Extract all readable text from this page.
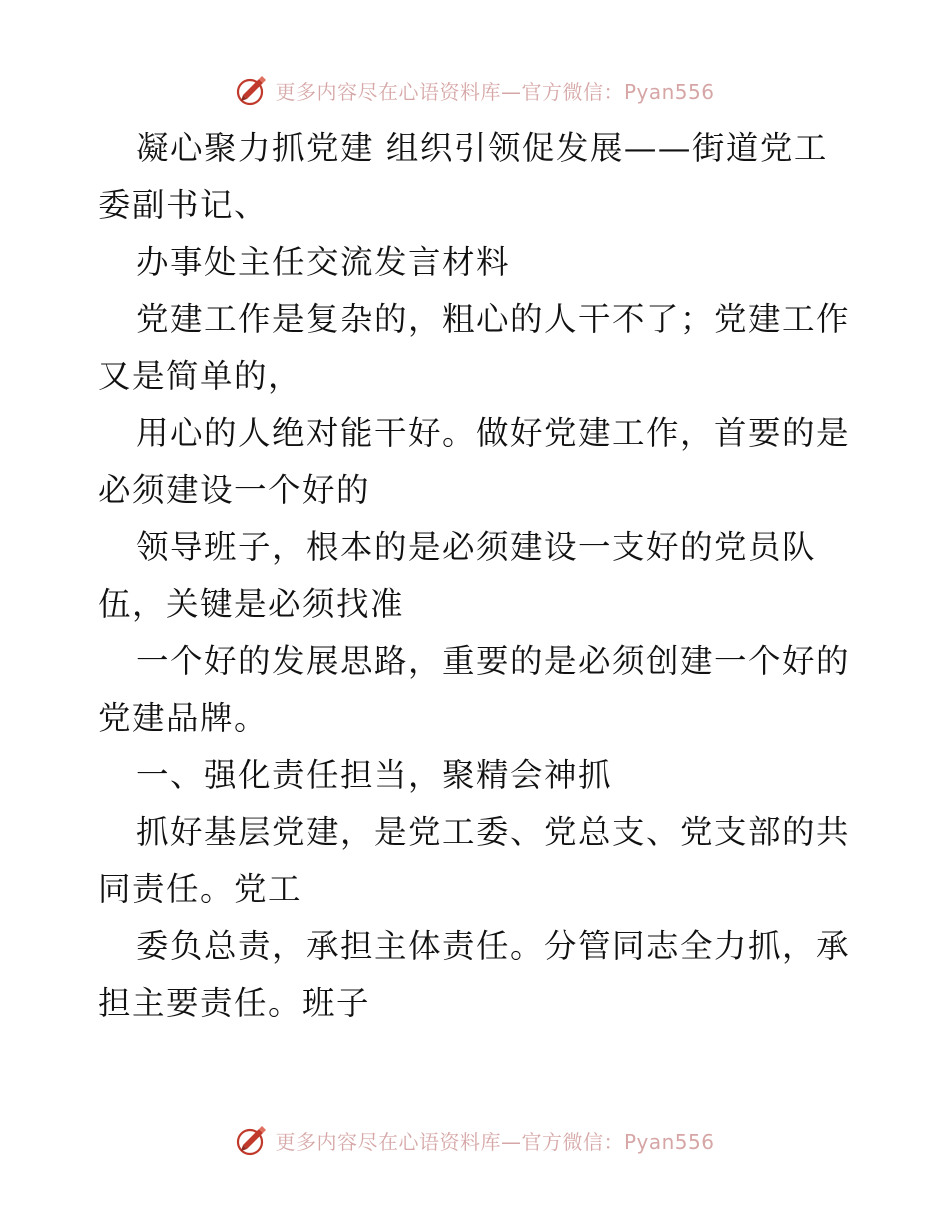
更多内容尽在心语资料库—官方微信：Pyan556

凝心聚力抓党建 组织引领促发展——街道党工委副书记、

办事处主任交流发言材料

党建工作是复杂的，粗心的人干不了；党建工作又是简单的，

用心的人绝对能干好。做好党建工作，首要的是必须建设一个好的

领导班子，根本的是必须建设一支好的党员队伍，关键是必须找准

一个好的发展思路，重要的是必须创建一个好的党建品牌。

一、强化责任担当，聚精会神抓

抓好基层党建，是党工委、党总支、党支部的共同责任。党工

委负总责，承担主体责任。分管同志全力抓，承担主要责任。班子

更多内容尽在心语资料库—官方微信：Pyan556
